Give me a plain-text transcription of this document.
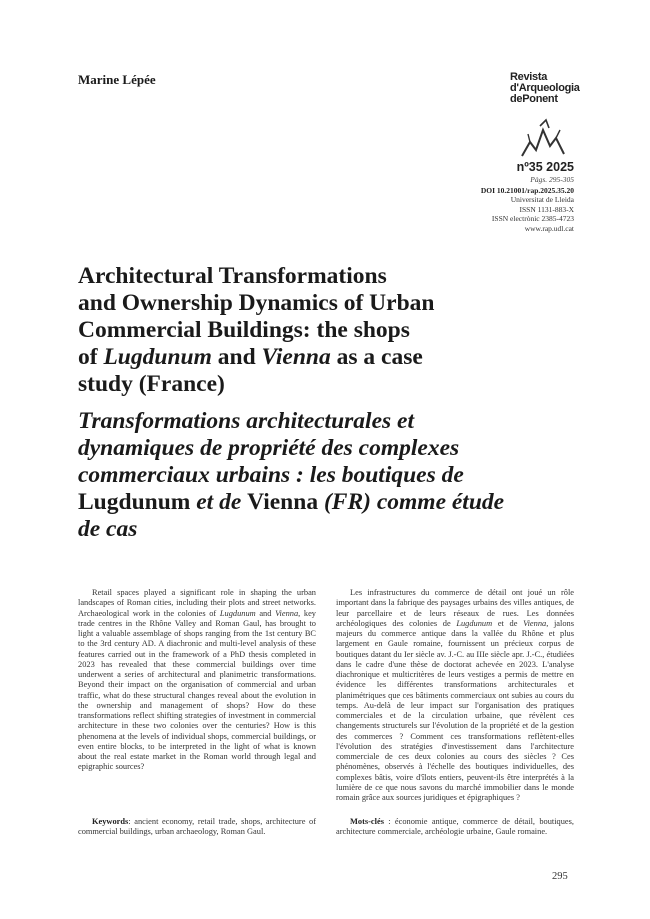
Marine Lépée	Revista
d'Arqueologia
dePonent
nº35 2025
Pàgs. 295-305
DOI 10.21001/rap.2025.35.20
Universitat de Lleida
ISSN 1131-883-X
ISSN electrònic 2385-4723
www.rap.udl.cat
Architectural Transformations
and Ownership Dynamics of Urban
Commercial Buildings: the shops
of Lugdunum and Vienna as a case
study (France)
Transformations architecturales et
dynamiques de propriété des complexes
commerciaux urbains : les boutiques de
Lugdunum et de Vienna (FR) comme étude
de cas

Retail spaces played a significant role in shaping the urban landscapes of Roman cities, including their plots and street networks. Archaeological work in the colonies of Lugdunum and Vienna, key trade centres in the Rhône Valley and Roman Gaul, has brought to light a valuable assemblage of shops ranging from the 1st century BC to the 3rd century AD. A diachronic and multi-level analysis of these features carried out in the framework of a PhD thesis completed in 2023 has revealed that these commercial buildings over time underwent a series of architectural and planimetric transformations. Beyond their impact on the organisation of commercial and urban traffic, what do these structural changes reveal about the evolution in the ownership and management of shops? How do these transformations reflect shifting strategies of investment in commercial architecture in these two colonies over the centuries? How is this phenomena at the levels of individual shops, commercial buildings, or even entire blocks, to be interpreted in the light of what is known about the real estate market in the Roman world through legal and epigraphic sources?

Les infrastructures du commerce de détail ont joué un rôle important dans la fabrique des paysages urbains des villes antiques, de leur parcellaire et de leurs réseaux de rues. Les données archéologiques des colonies de Lugdunum et de Vienna, jalons majeurs du commerce antique dans la vallée du Rhône et plus largement en Gaule romaine, fournissent un précieux corpus de boutiques datant du Ier siècle av. J.-C. au IIIe siècle apr. J.-C., étudiées dans le cadre d'une thèse de doctorat achevée en 2023. L'analyse diachronique et multicritères de leurs vestiges a permis de mettre en évidence les différentes transformations architecturales et planimétriques que ces bâtiments commerciaux ont subies au cours du temps. Au-delà de leur impact sur l'organisation des pratiques commerciales et de la circulation urbaine, que révèlent ces changements structurels sur l'évolution de la propriété et de la gestion des commerces ? Comment ces transformations reflètent-elles l'évolution des stratégies d'investissement dans l'architecture commerciale de ces deux colonies au cours des siècles ? Ces phénomènes, observés à l'échelle des boutiques individuelles, des complexes bâtis, voire d'îlots entiers, peuvent-ils être interprétés à la lumière de ce que nous savons du marché immobilier dans le monde romain grâce aux sources juridiques et épigraphiques ?

Keywords: ancient economy, retail trade, shops, architecture of commercial buildings, urban archaeology, Roman Gaul.

Mots-clés : économie antique, commerce de détail, boutiques, architecture commerciale, archéologie urbaine, Gaule romaine.

295
